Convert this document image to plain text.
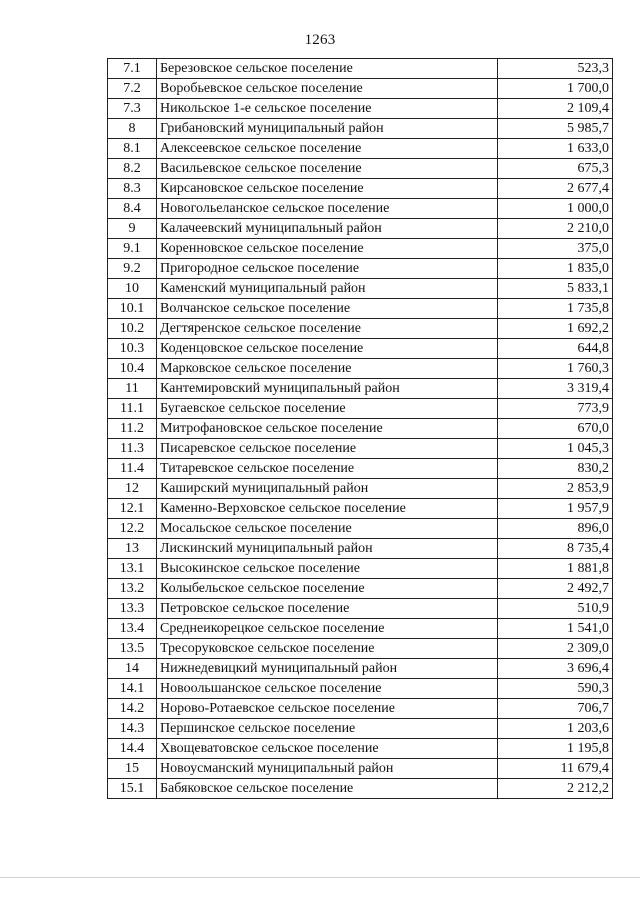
1263
7.1	Березовское сельское поселение	523,3
7.2	Воробьевское сельское поселение	1 700,0
7.3	Никольское 1-е сельское поселение	2 109,4
8	Грибановский муниципальный район	5 985,7
8.1	Алексеевское сельское поселение	1 633,0
8.2	Васильевское сельское поселение	675,3
8.3	Кирсановское сельское поселение	2 677,4
8.4	Новогольеланское сельское поселение	1 000,0
9	Калачеевский муниципальный район	2 210,0
9.1	Коренновское сельское поселение	375,0
9.2	Пригородное сельское поселение	1 835,0
10	Каменский муниципальный район	5 833,1
10.1	Волчанское сельское поселение	1 735,8
10.2	Дегтяренское сельское поселение	1 692,2
10.3	Коденцовское сельское поселение	644,8
10.4	Марковское сельское поселение	1 760,3
11	Кантемировский муниципальный район	3 319,4
11.1	Бугаевское сельское поселение	773,9
11.2	Митрофановское сельское поселение	670,0
11.3	Писаревское сельское поселение	1 045,3
11.4	Титаревское сельское поселение	830,2
12	Каширский муниципальный район	2 853,9
12.1	Каменно-Верховское сельское поселение	1 957,9
12.2	Мосальское сельское поселение	896,0
13	Лискинский муниципальный район	8 735,4
13.1	Высокинское сельское поселение	1 881,8
13.2	Колыбельское сельское поселение	2 492,7
13.3	Петровское сельское поселение	510,9
13.4	Среднеикорецкое сельское поселение	1 541,0
13.5	Тресоруковское сельское поселение	2 309,0
14	Нижнедевицкий муниципальный район	3 696,4
14.1	Новоольшанское сельское поселение	590,3
14.2	Норово-Ротаевское сельское поселение	706,7
14.3	Першинское сельское поселение	1 203,6
14.4	Хвощеватовское сельское поселение	1 195,8
15	Новоусманский муниципальный район	11 679,4
15.1	Бабяковское сельское поселение	2 212,2
